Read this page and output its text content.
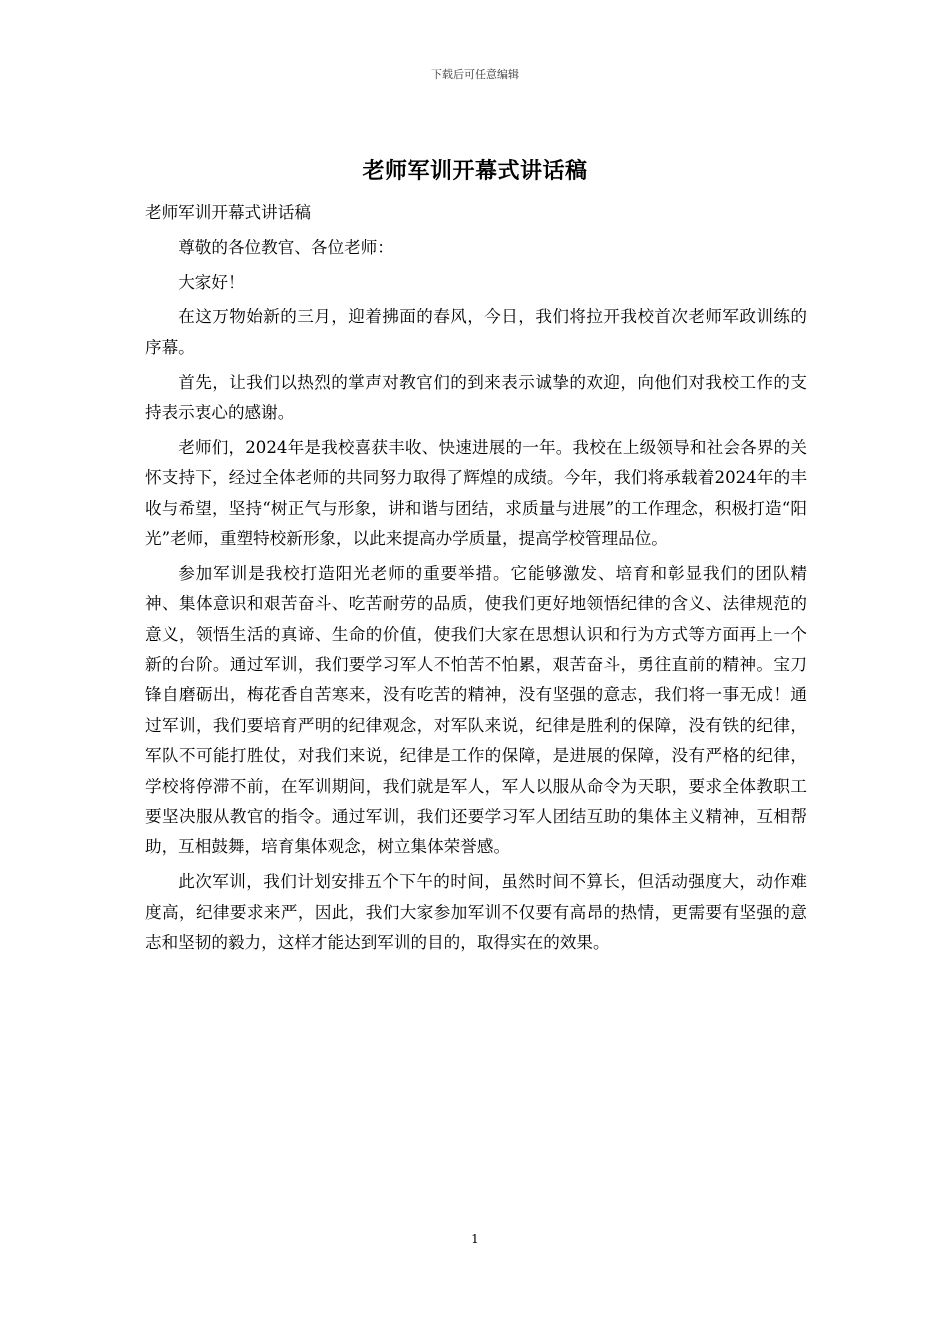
下载后可任意编辑
老师军训开幕式讲话稿

老师军训开幕式讲话稿

尊敬的各位教官、各位老师：

大家好！

在这万物始新的三月，迎着拂面的春风，今日，我们将拉开我校首次老师军政训练的序幕。

首先，让我们以热烈的掌声对教官们的到来表示诚挚的欢迎，向他们对我校工作的支持表示衷心的感谢。

老师们，2024年是我校喜获丰收、快速进展的一年。我校在上级领导和社会各界的关怀支持下，经过全体老师的共同努力取得了辉煌的成绩。今年，我们将承载着2024年的丰收与希望，坚持“树正气与形象，讲和谐与团结，求质量与进展”的工作理念，积极打造“阳光”老师，重塑特校新形象，以此来提高办学质量，提高学校管理品位。

参加军训是我校打造阳光老师的重要举措。它能够激发、培育和彰显我们的团队精神、集体意识和艰苦奋斗、吃苦耐劳的品质，使我们更好地领悟纪律的含义、法律规范的意义，领悟生活的真谛、生命的价值，使我们大家在思想认识和行为方式等方面再上一个新的台阶。通过军训，我们要学习军人不怕苦不怕累，艰苦奋斗，勇往直前的精神。宝刀锋自磨砺出，梅花香自苦寒来，没有吃苦的精神，没有坚强的意志，我们将一事无成！通过军训，我们要培育严明的纪律观念，对军队来说，纪律是胜利的保障，没有铁的纪律，军队不可能打胜仗，对我们来说，纪律是工作的保障，是进展的保障，没有严格的纪律，学校将停滞不前，在军训期间，我们就是军人，军人以服从命令为天职，要求全体教职工要坚决服从教官的指令。通过军训，我们还要学习军人团结互助的集体主义精神，互相帮助，互相鼓舞，培育集体观念，树立集体荣誉感。

此次军训，我们计划安排五个下午的时间，虽然时间不算长，但活动强度大，动作难度高，纪律要求来严，因此，我们大家参加军训不仅要有高昂的热情，更需要有坚强的意志和坚韧的毅力，这样才能达到军训的目的，取得实在的效果。

1
